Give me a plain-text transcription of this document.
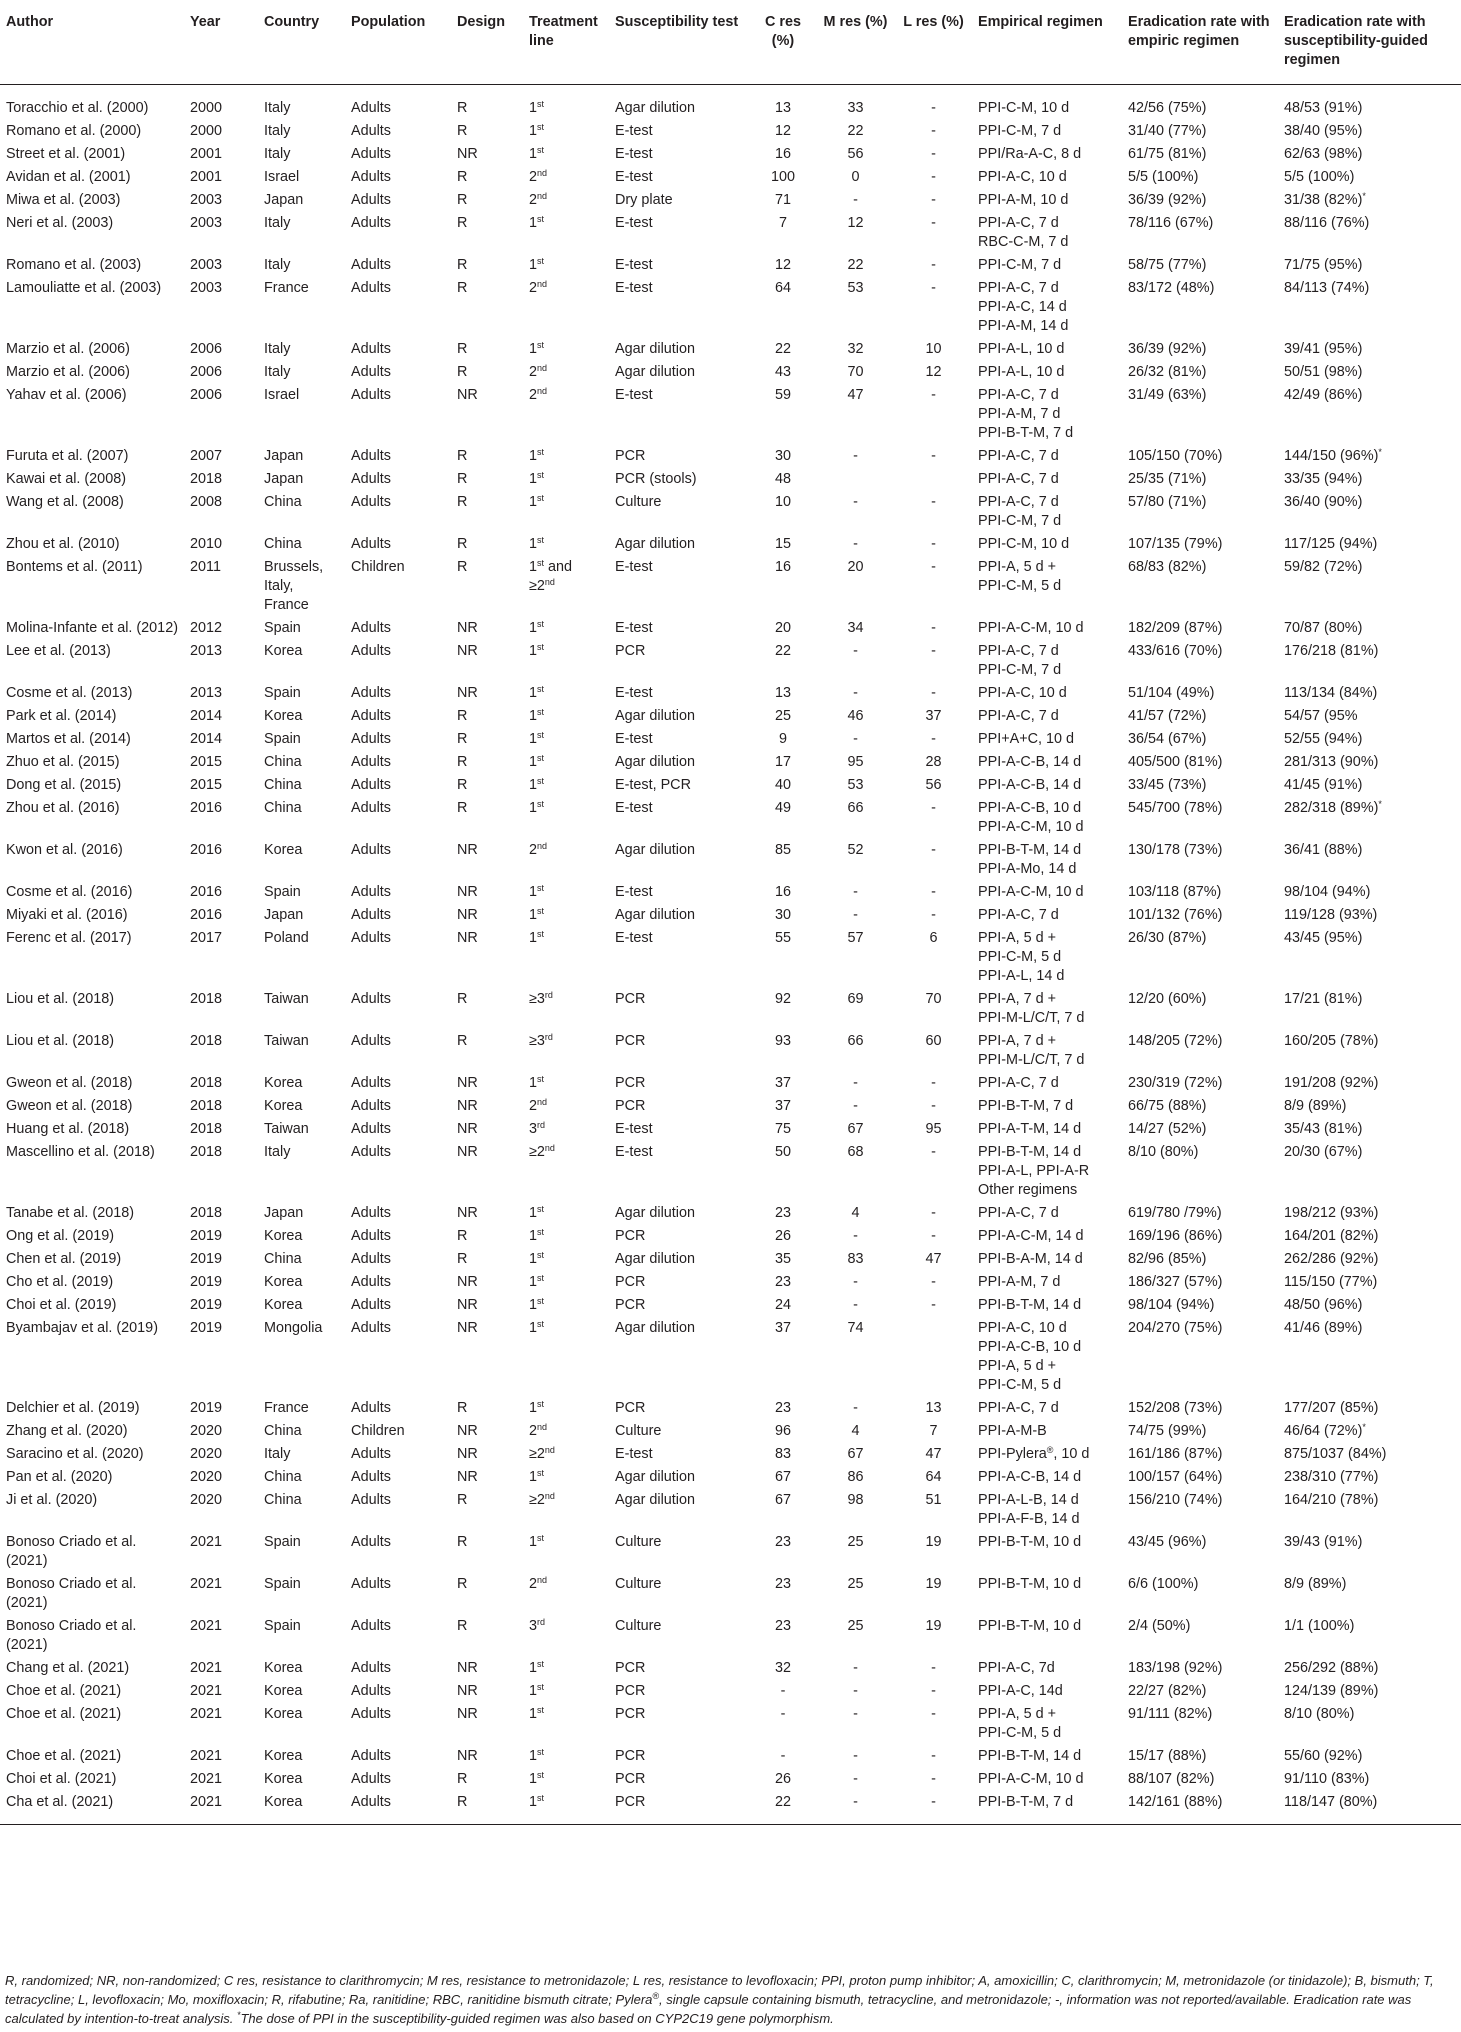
Author	Year	Country	Population	Design	Treatment line	Susceptibility test	C res (%)	M res (%)	L res (%)	Empirical regimen	Eradication rate with empiric regimen	Eradication rate with susceptibility-guided regimen
Toracchio et al. (2000)	2000	Italy	Adults	R	1st	Agar dilution	13	33	-	PPI-C-M, 10 d	42/56 (75%)	48/53 (91%)
Romano et al. (2000)	2000	Italy	Adults	R	1st	E-test	12	22	-	PPI-C-M, 7 d	31/40 (77%)	38/40 (95%)
Street et al. (2001)	2001	Italy	Adults	NR	1st	E-test	16	56	-	PPI/Ra-A-C, 8 d	61/75 (81%)	62/63 (98%)
Avidan et al. (2001)	2001	Israel	Adults	R	2nd	E-test	100	0	-	PPI-A-C, 10 d	5/5 (100%)	5/5 (100%)
Miwa et al. (2003)	2003	Japan	Adults	R	2nd	Dry plate	71	-	-	PPI-A-M, 10 d	36/39 (92%)	31/38 (82%)*
Neri et al. (2003)	2003	Italy	Adults	R	1st	E-test	7	12	-	PPI-A-C, 7 d
RBC-C-M, 7 d	78/116 (67%)	88/116 (76%)
Romano et al. (2003)	2003	Italy	Adults	R	1st	E-test	12	22	-	PPI-C-M, 7 d	58/75 (77%)	71/75 (95%)
Lamouliatte et al. (2003)	2003	France	Adults	R	2nd	E-test	64	53	-	PPI-A-C, 7 d
PPI-A-C, 14 d
PPI-A-M, 14 d	83/172 (48%)	84/113 (74%)
Marzio et al. (2006)	2006	Italy	Adults	R	1st	Agar dilution	22	32	10	PPI-A-L, 10 d	36/39 (92%)	39/41 (95%)
Marzio et al. (2006)	2006	Italy	Adults	R	2nd	Agar dilution	43	70	12	PPI-A-L, 10 d	26/32 (81%)	50/51 (98%)
Yahav et al. (2006)	2006	Israel	Adults	NR	2nd	E-test	59	47	-	PPI-A-C, 7 d
PPI-A-M, 7 d
PPI-B-T-M, 7 d	31/49 (63%)	42/49 (86%)
Furuta et al. (2007)	2007	Japan	Adults	R	1st	PCR	30	-	-	PPI-A-C, 7 d	105/150 (70%)	144/150 (96%)*
Kawai et al. (2008)	2018	Japan	Adults	R	1st	PCR (stools)	48			PPI-A-C, 7 d	25/35 (71%)	33/35 (94%)
Wang et al. (2008)	2008	China	Adults	R	1st	Culture	10	-	-	PPI-A-C, 7 d
PPI-C-M, 7 d	57/80 (71%)	36/40 (90%)
Zhou et al. (2010)	2010	China	Adults	R	1st	Agar dilution	15	-	-	PPI-C-M, 10 d	107/135 (79%)	117/125 (94%)
Bontems et al. (2011)	2011	Brussels,
Italy,
France	Children	R	1st and
≥2nd	E-test	16	20	-	PPI-A, 5 d +
PPI-C-M, 5 d	68/83 (82%)	59/82 (72%)
Molina-Infante et al. (2012)	2012	Spain	Adults	NR	1st	E-test	20	34	-	PPI-A-C-M, 10 d	182/209 (87%)	70/87 (80%)
Lee et al. (2013)	2013	Korea	Adults	NR	1st	PCR	22	-	-	PPI-A-C, 7 d
PPI-C-M, 7 d	433/616 (70%)	176/218 (81%)
Cosme et al. (2013)	2013	Spain	Adults	NR	1st	E-test	13	-	-	PPI-A-C, 10 d	51/104 (49%)	113/134 (84%)
Park et al. (2014)	2014	Korea	Adults	R	1st	Agar dilution	25	46	37	PPI-A-C, 7 d	41/57 (72%)	54/57 (95%
Martos et al. (2014)	2014	Spain	Adults	R	1st	E-test	9	-	-	PPI+A+C, 10 d	36/54 (67%)	52/55 (94%)
Zhuo et al. (2015)	2015	China	Adults	R	1st	Agar dilution	17	95	28	PPI-A-C-B, 14 d	405/500 (81%)	281/313 (90%)
Dong et al. (2015)	2015	China	Adults	R	1st	E-test, PCR	40	53	56	PPI-A-C-B, 14 d	33/45 (73%)	41/45 (91%)
Zhou et al. (2016)	2016	China	Adults	R	1st	E-test	49	66	-	PPI-A-C-B, 10 d
PPI-A-C-M, 10 d	545/700 (78%)	282/318 (89%)*
Kwon et al. (2016)	2016	Korea	Adults	NR	2nd	Agar dilution	85	52	-	PPI-B-T-M, 14 d
PPI-A-Mo, 14 d	130/178 (73%)	36/41 (88%)
Cosme et al. (2016)	2016	Spain	Adults	NR	1st	E-test	16	-	-	PPI-A-C-M, 10 d	103/118 (87%)	98/104 (94%)
Miyaki et al. (2016)	2016	Japan	Adults	NR	1st	Agar dilution	30	-	-	PPI-A-C, 7 d	101/132 (76%)	119/128 (93%)
Ferenc et al. (2017)	2017	Poland	Adults	NR	1st	E-test	55	57	6	PPI-A, 5 d +
PPI-C-M, 5 d
PPI-A-L, 14 d	26/30 (87%)	43/45 (95%)
Liou et al. (2018)	2018	Taiwan	Adults	R	≥3rd	PCR	92	69	70	PPI-A, 7 d +
PPI-M-L/C/T, 7 d	12/20 (60%)	17/21 (81%)
Liou et al. (2018)	2018	Taiwan	Adults	R	≥3rd	PCR	93	66	60	PPI-A, 7 d +
PPI-M-L/C/T, 7 d	148/205 (72%)	160/205 (78%)
Gweon et al. (2018)	2018	Korea	Adults	NR	1st	PCR	37	-	-	PPI-A-C, 7 d	230/319 (72%)	191/208 (92%)
Gweon et al. (2018)	2018	Korea	Adults	NR	2nd	PCR	37	-	-	PPI-B-T-M, 7 d	66/75 (88%)	8/9 (89%)
Huang et al. (2018)	2018	Taiwan	Adults	NR	3rd	E-test	75	67	95	PPI-A-T-M, 14 d	14/27 (52%)	35/43 (81%)
Mascellino et al. (2018)	2018	Italy	Adults	NR	≥2nd	E-test	50	68	-	PPI-B-T-M, 14 d
PPI-A-L, PPI-A-R
Other regimens	8/10 (80%)	20/30 (67%)
Tanabe et al. (2018)	2018	Japan	Adults	NR	1st	Agar dilution	23	4	-	PPI-A-C, 7 d	619/780 /79%)	198/212 (93%)
Ong et al. (2019)	2019	Korea	Adults	R	1st	PCR	26	-	-	PPI-A-C-M, 14 d	169/196 (86%)	164/201 (82%)
Chen et al. (2019)	2019	China	Adults	R	1st	Agar dilution	35	83	47	PPI-B-A-M, 14 d	82/96 (85%)	262/286 (92%)
Cho et al. (2019)	2019	Korea	Adults	NR	1st	PCR	23	-	-	PPI-A-M, 7 d	186/327 (57%)	115/150 (77%)
Choi et al. (2019)	2019	Korea	Adults	NR	1st	PCR	24	-	-	PPI-B-T-M, 14 d	98/104 (94%)	48/50 (96%)
Byambajav et al. (2019)	2019	Mongolia	Adults	NR	1st	Agar dilution	37	74		PPI-A-C, 10 d
PPI-A-C-B, 10 d
PPI-A, 5 d +
PPI-C-M, 5 d	204/270 (75%)	41/46 (89%)
Delchier et al. (2019)	2019	France	Adults	R	1st	PCR	23	-	13	PPI-A-C, 7 d	152/208 (73%)	177/207 (85%)
Zhang et al. (2020)	2020	China	Children	NR	2nd	Culture	96	4	7	PPI-A-M-B	74/75 (99%)	46/64 (72%)*
Saracino et al. (2020)	2020	Italy	Adults	NR	≥2nd	E-test	83	67	47	PPI-Pylera®, 10 d	161/186 (87%)	875/1037 (84%)
Pan et al. (2020)	2020	China	Adults	NR	1st	Agar dilution	67	86	64	PPI-A-C-B, 14 d	100/157 (64%)	238/310 (77%)
Ji et al. (2020)	2020	China	Adults	R	≥2nd	Agar dilution	67	98	51	PPI-A-L-B, 14 d
PPI-A-F-B, 14 d	156/210 (74%)	164/210 (78%)
Bonoso Criado et al.
(2021)	2021	Spain	Adults	R	1st	Culture	23	25	19	PPI-B-T-M, 10 d	43/45 (96%)	39/43 (91%)
Bonoso Criado et al.
(2021)	2021	Spain	Adults	R	2nd	Culture	23	25	19	PPI-B-T-M, 10 d	6/6 (100%)	8/9 (89%)
Bonoso Criado et al.
(2021)	2021	Spain	Adults	R	3rd	Culture	23	25	19	PPI-B-T-M, 10 d	2/4 (50%)	1/1 (100%)
Chang et al. (2021)	2021	Korea	Adults	NR	1st	PCR	32	-	-	PPI-A-C, 7d	183/198 (92%)	256/292 (88%)
Choe et al. (2021)	2021	Korea	Adults	NR	1st	PCR	-	-	-	PPI-A-C, 14d	22/27 (82%)	124/139 (89%)
Choe et al. (2021)	2021	Korea	Adults	NR	1st	PCR	-	-	-	PPI-A, 5 d +
PPI-C-M, 5 d	91/111 (82%)	8/10 (80%)
Choe et al. (2021)	2021	Korea	Adults	NR	1st	PCR	-	-	-	PPI-B-T-M, 14 d	15/17 (88%)	55/60 (92%)
Choi et al. (2021)	2021	Korea	Adults	R	1st	PCR	26	-	-	PPI-A-C-M, 10 d	88/107 (82%)	91/110 (83%)
Cha et al. (2021)	2021	Korea	Adults	R	1st	PCR	22	-	-	PPI-B-T-M, 7 d	142/161 (88%)	118/147 (80%)
R, randomized; NR, non-randomized; C res, resistance to clarithromycin; M res, resistance to metronidazole; L res, resistance to levofloxacin; PPI, proton pump inhibitor; A, amoxicillin; C, clarithromycin; M, metronidazole (or tinidazole); B, bismuth; T, tetracycline; L, levofloxacin; Mo, moxifloxacin; R, rifabutine; Ra, ranitidine; RBC, ranitidine bismuth citrate; Pylera®, single capsule containing bismuth, tetracycline, and metronidazole; -, information was not reported/available. Eradication rate was calculated by intention-to-treat analysis. *The dose of PPI in the susceptibility-guided regimen was also based on CYP2C19 gene polymorphism.
